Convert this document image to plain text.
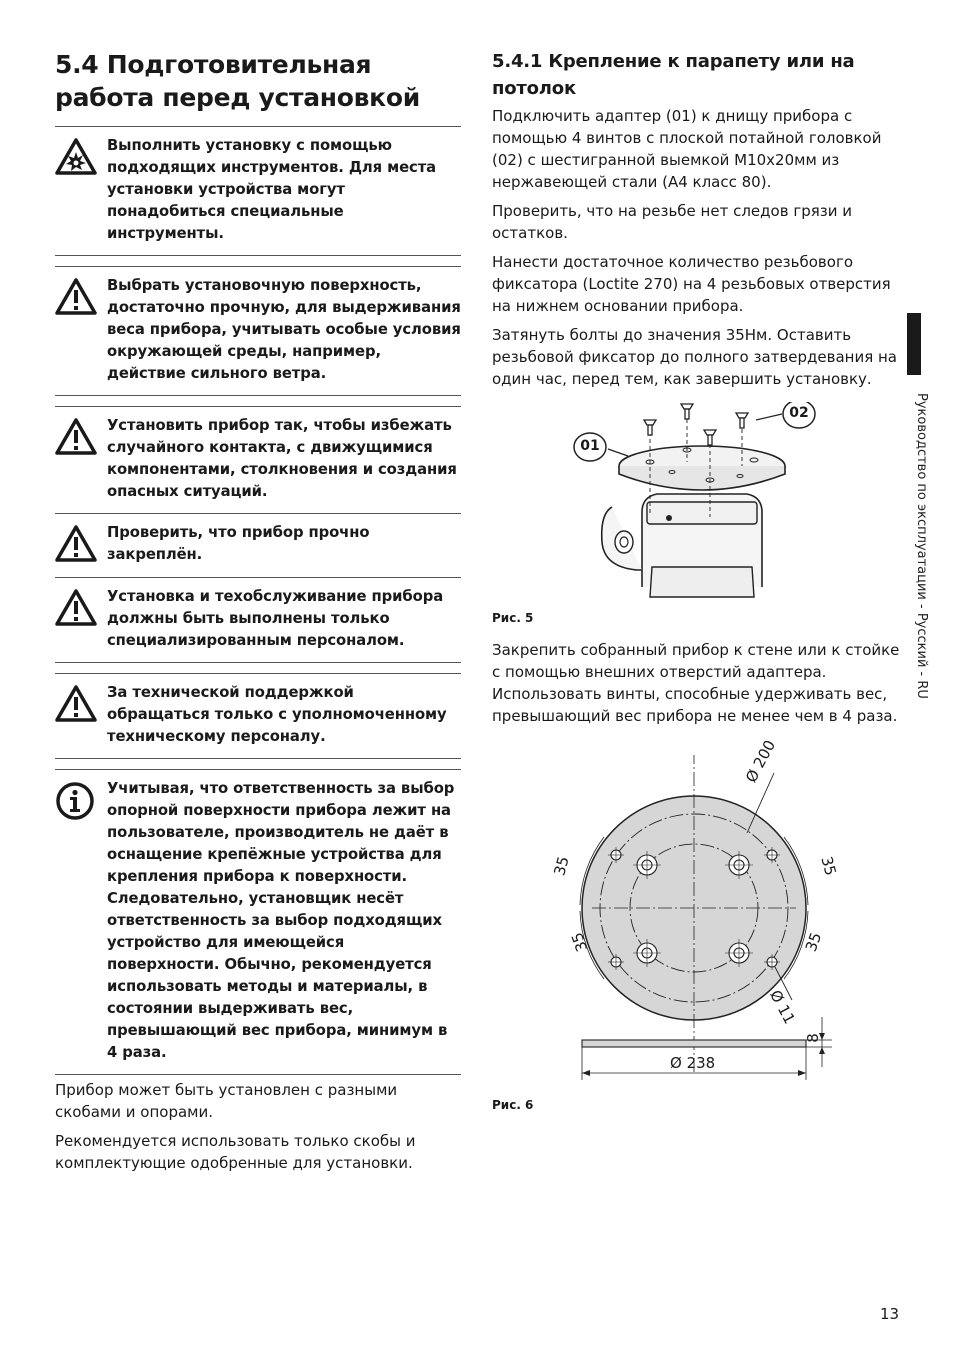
5.4 Подготовительная работа перед установкой
Выполнить установку с помощью подходящих инструментов. Для места установки устройства могут понадобиться специальные инструменты.
Выбрать установочную поверхность, достаточно прочную, для выдерживания веса прибора, учитывать особые условия окружающей среды, например, действие сильного ветра.
Установить прибор так, чтобы избежать случайного контакта, с движущимися компонентами, столкновения и создания опасных ситуаций.
Проверить, что прибор прочно закреплён.
Установка и техобслуживание прибора должны быть выполнены только специализированным персоналом.
За технической поддержкой обращаться только с уполномоченному техническому персоналу.
Учитывая, что ответственность за выбор опорной поверхности прибора лежит на пользователе, производитель не даёт в оснащение крепёжные устройства для крепления прибора к поверхности. Следовательно, установщик несёт ответственность за выбор подходящих устройство для имеющейся поверхности. Обычно, рекомендуется использовать методы и материалы, в состоянии выдерживать вес, превышающий вес прибора, минимум в 4 раза.

Прибор может быть установлен с разными скобами и опорами.

Рекомендуется использовать только скобы и комплектующие одобренные для установки.

5.4.1 Крепление к парапету или на потолок

Подключить адаптер (01) к днищу прибора с помощью 4 винтов с плоской потайной головкой (02) с шестигранной выемкой M10x20мм из нержавеющей стали (A4 класс 80).

Проверить, что на резьбе нет следов грязи и остатков.

Нанести достаточное количество резьбового фиксатора (Loctite 270) на 4 резьбовых отверстия на нижнем основании прибора.

Затянуть болты до значения 35Нм. Оставить резьбовой фиксатор до полного затвердевания на один час, перед тем, как завершить установку.

01
02

Рис. 5

Закрепить собранный прибор к стене или к стойке с помощью внешних отверстий адаптера. Использовать винты, способные удерживать вес, превышающий вес прибора не менее чем в 4 раза.

Ø 200
35	35
35	35
Ø 11
8
Ø 238

Рис. 6

Руководство по эксплуатации - Русский - RU
13
